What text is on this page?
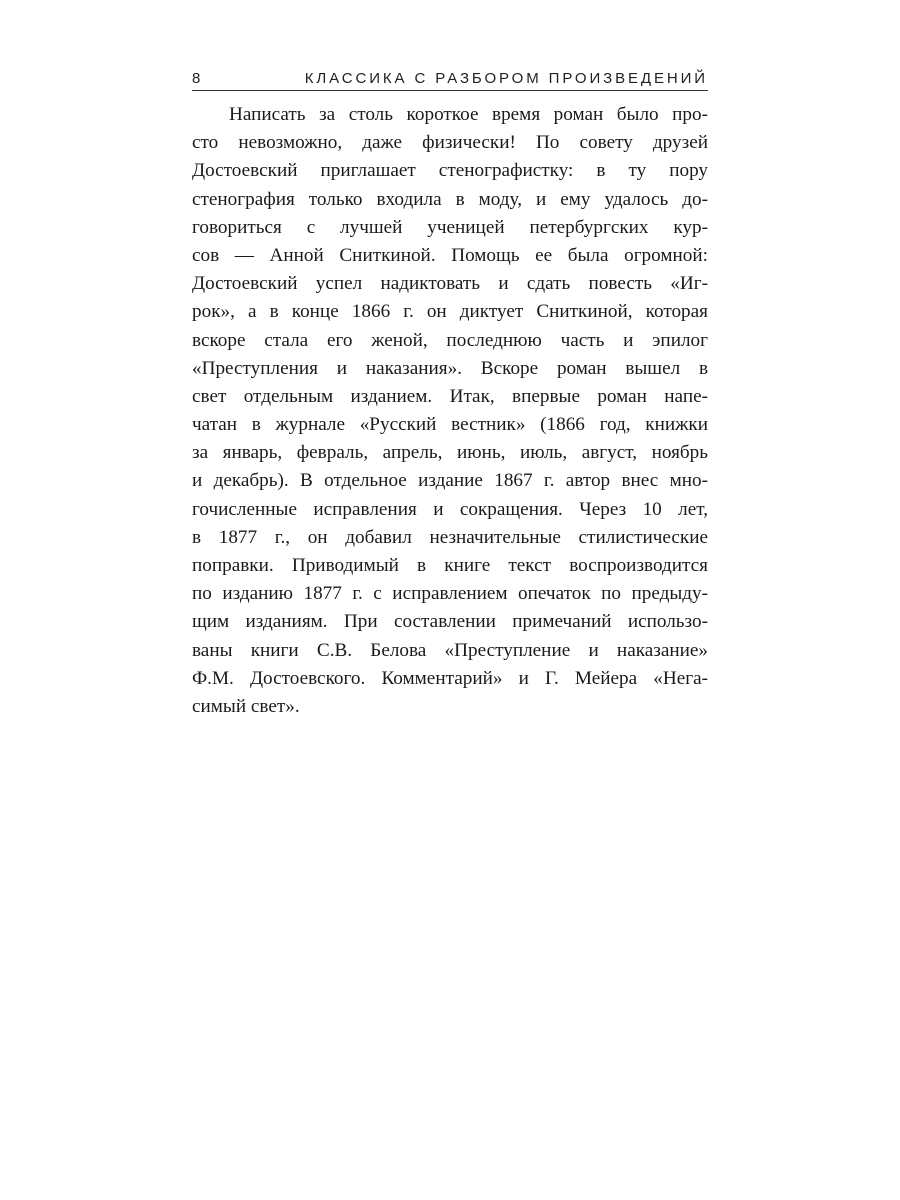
8	КЛАССИКА С РАЗБОРОМ ПРОИЗВЕДЕНИЙ
Написать за столь короткое время роман было про-
сто невозможно, даже физически! По совету друзей
Достоевский приглашает стенографистку: в ту пору
стенография только входила в моду, и ему удалось до-
говориться с лучшей ученицей петербургских кур-
сов — Анной Сниткиной. Помощь ее была огромной:
Достоевский успел надиктовать и сдать повесть «Иг-
рок», а в конце 1866 г. он диктует Сниткиной, которая
вскоре стала его женой, последнюю часть и эпилог
«Преступления и наказания». Вскоре роман вышел в
свет отдельным изданием. Итак, впервые роман напе-
чатан в журнале «Русский вестник» (1866 год, книжки
за январь, февраль, апрель, июнь, июль, август, ноябрь
и декабрь). В отдельное издание 1867 г. автор внес мно-
гочисленные исправления и сокращения. Через 10 лет,
в 1877 г., он добавил незначительные стилистические
поправки. Приводимый в книге текст воспроизводится
по изданию 1877 г. с исправлением опечаток по предыду-
щим изданиям. При составлении примечаний использо-
ваны книги С.В. Белова «Преступление и наказание»
Ф.М. Достоевского. Комментарий» и Г. Мейера «Нега-
симый свет».
